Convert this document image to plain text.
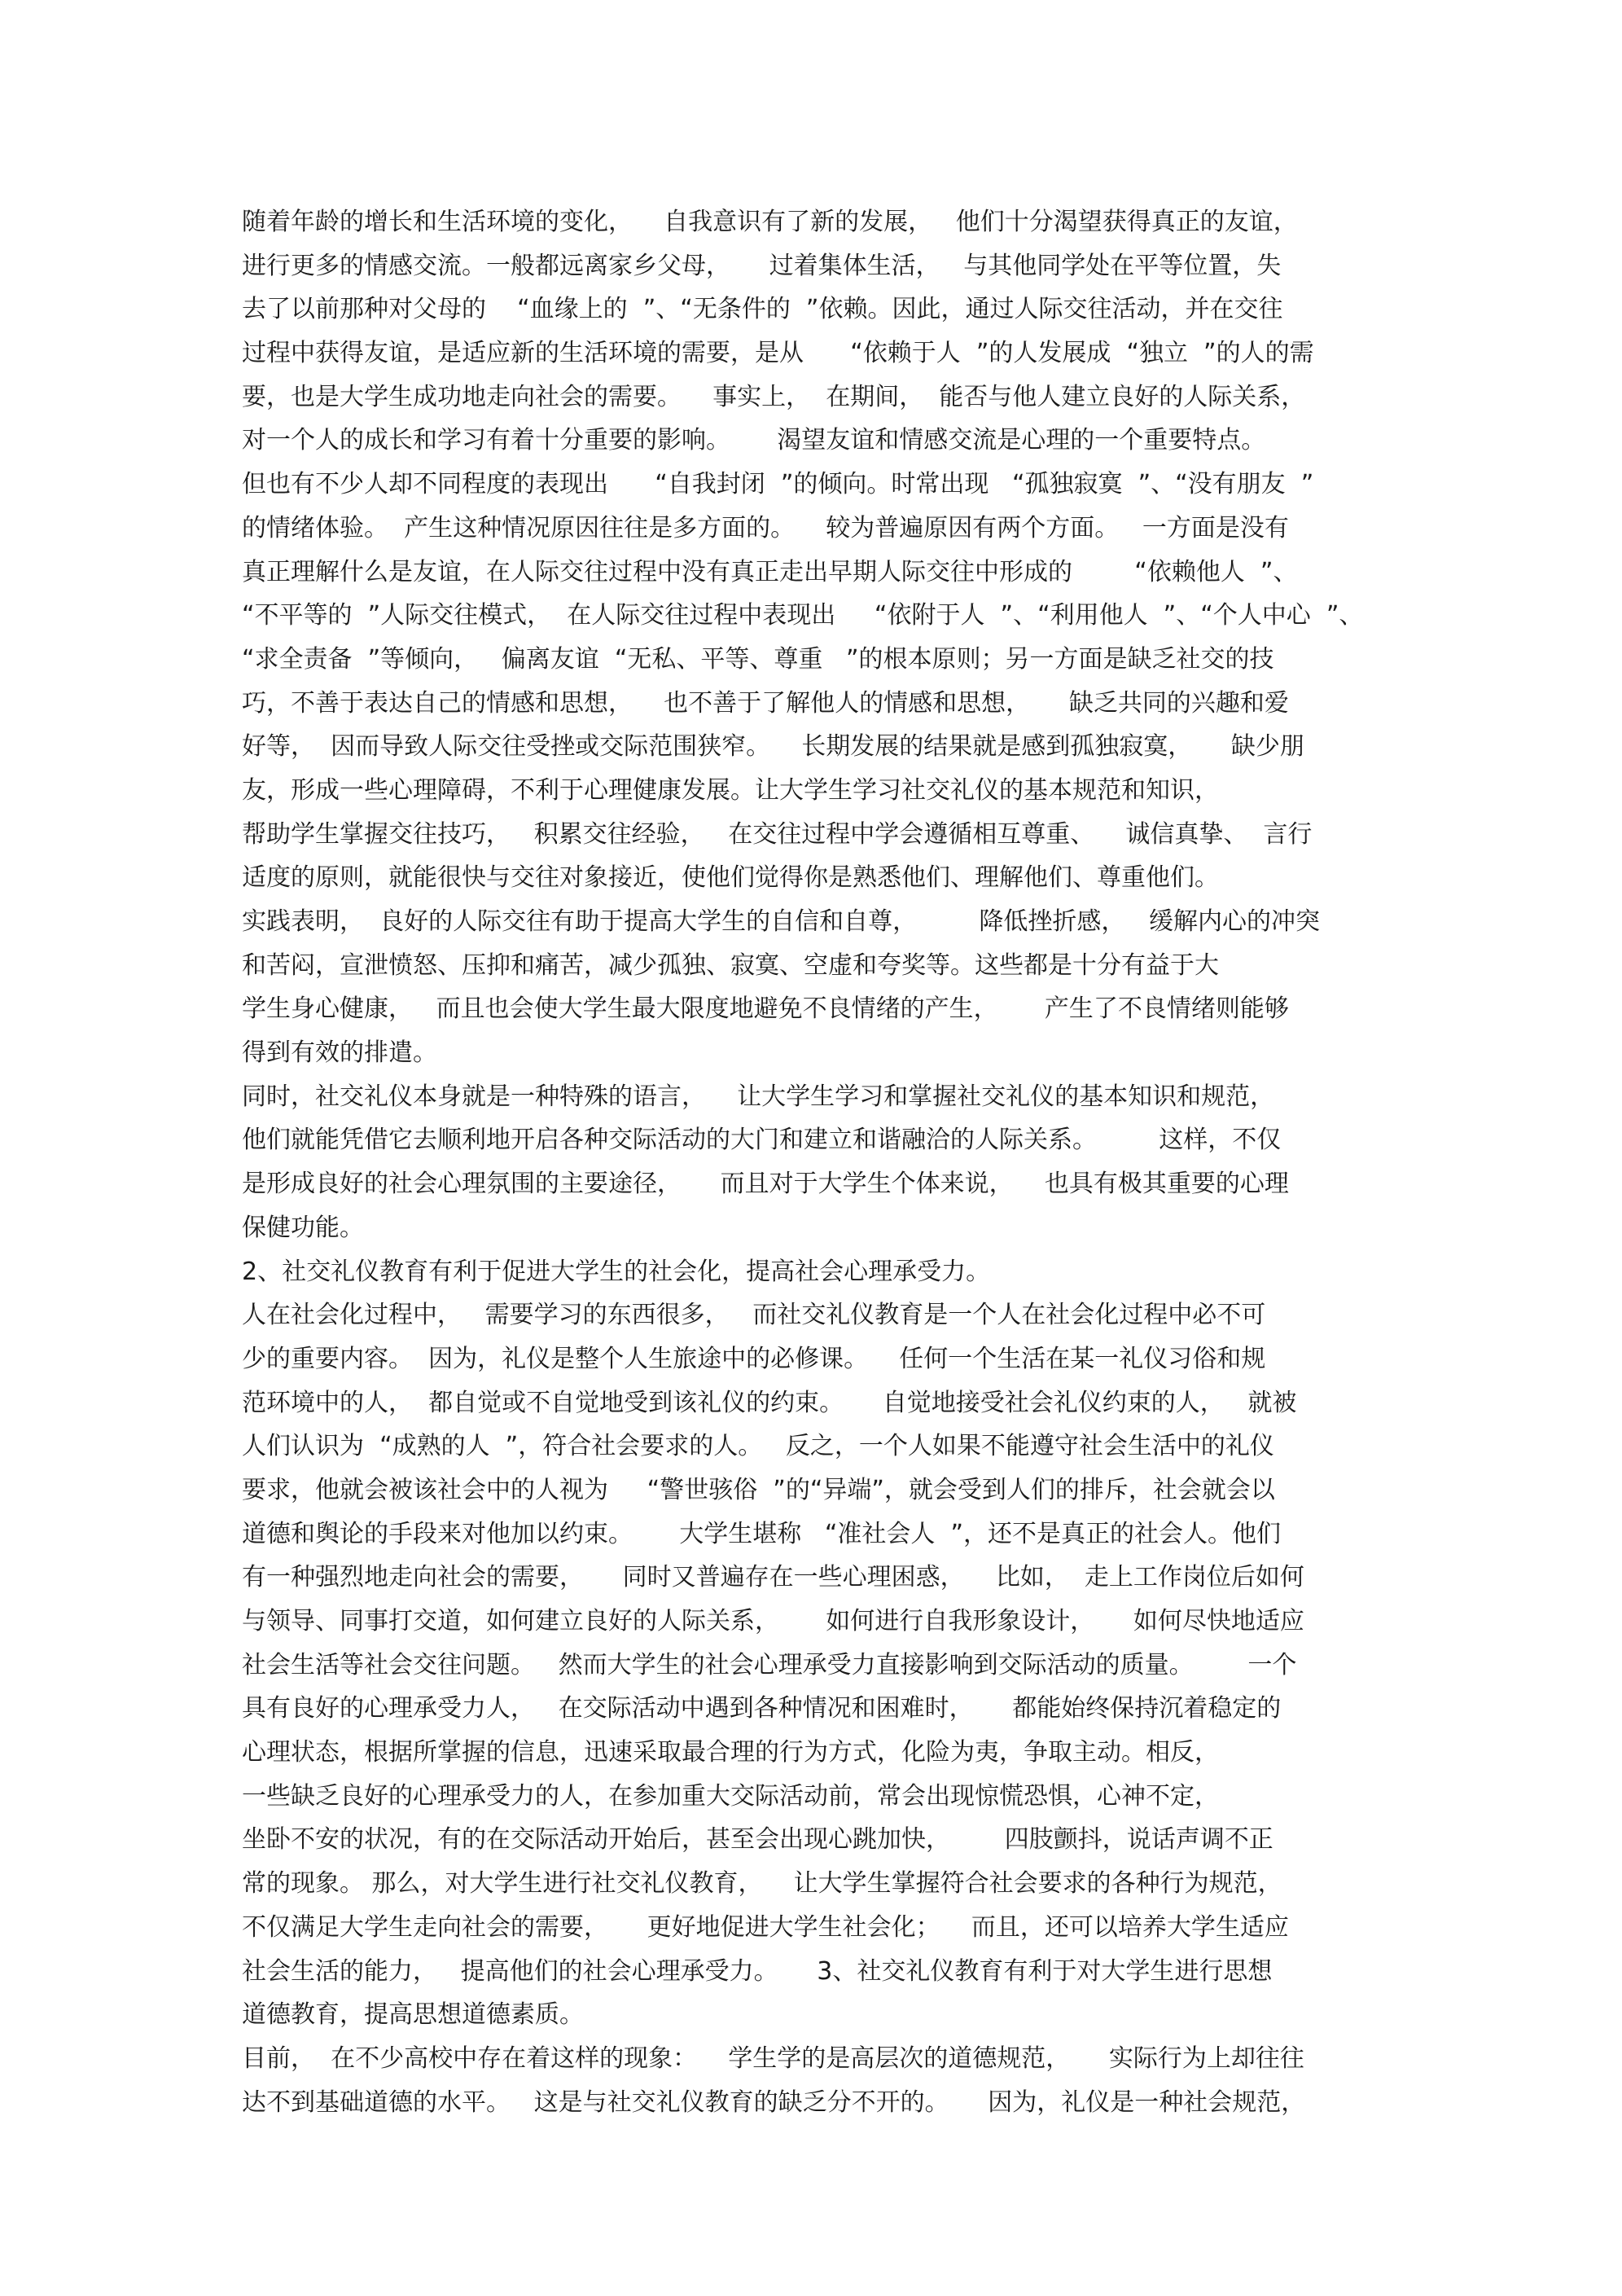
随着年龄的增长和生活环境的变化，    自我意识有了新的发展，   他们十分渴望获得真正的友谊，
进行更多的情感交流。一般都远离家乡父母，     过着集体生活，   与其他同学处在平等位置，失
去了以前那种对父母的    “血缘上的  ”、“无条件的  ”依赖。因此，通过人际交往活动，并在交往
过程中获得友谊，是适应新的生活环境的需要，是从      “依赖于人  ”的人发展成  “独立  ”的人的需
要，也是大学生成功地走向社会的需要。    事实上，  在期间，  能否与他人建立良好的人际关系，
对一个人的成长和学习有着十分重要的影响。      渴望友谊和情感交流是心理的一个重要特点。
但也有不少人却不同程度的表现出      “自我封闭  ”的倾向。时常出现   “孤独寂寞  ”、“没有朋友  ”
的情绪体验。  产生这种情况原因往往是多方面的。    较为普遍原因有两个方面。   一方面是没有
真正理解什么是友谊，在人际交往过程中没有真正走出早期人际交往中形成的        “依赖他人  ”、
“不平等的  ”人际交往模式，  在人际交往过程中表现出     “依附于人  ”、“利用他人  ”、“个人中心  ”、
“求全责备  ”等倾向，   偏离友谊  “无私、平等、尊重   ”的根本原则；另一方面是缺乏社交的技
巧，不善于表达自己的情感和思想，    也不善于了解他人的情感和思想，     缺乏共同的兴趣和爱
好等，  因而导致人际交往受挫或交际范围狭窄。    长期发展的结果就是感到孤独寂寞，     缺少朋
友，形成一些心理障碍，不利于心理健康发展。让大学生学习社交礼仪的基本规范和知识，
帮助学生掌握交往技巧，   积累交往经验，   在交往过程中学会遵循相互尊重、    诚信真挚、  言行
适度的原则，就能很快与交往对象接近，使他们觉得你是熟悉他们、理解他们、尊重他们。
实践表明，  良好的人际交往有助于提高大学生的自信和自尊，        降低挫折感，   缓解内心的冲突
和苦闷，宣泄愤怒、压抑和痛苦，减少孤独、寂寞、空虚和夸奖等。这些都是十分有益于大
学生身心健康，   而且也会使大学生最大限度地避免不良情绪的产生，      产生了不良情绪则能够
得到有效的排遣。
同时，社交礼仪本身就是一种特殊的语言，    让大学生学习和掌握社交礼仪的基本知识和规范，
他们就能凭借它去顺利地开启各种交际活动的大门和建立和谐融洽的人际关系。        这样，不仅
是形成良好的社会心理氛围的主要途径，     而且对于大学生个体来说，    也具有极其重要的心理
保健功能。
2、社交礼仪教育有利于促进大学生的社会化，提高社会心理承受力。
人在社会化过程中，   需要学习的东西很多，   而社交礼仪教育是一个人在社会化过程中必不可
少的重要内容。  因为，礼仪是整个人生旅途中的必修课。    任何一个生活在某一礼仪习俗和规
范环境中的人，  都自觉或不自觉地受到该礼仪的约束。     自觉地接受社会礼仪约束的人，   就被
人们认识为  “成熟的人  ”，符合社会要求的人。   反之，一个人如果不能遵守社会生活中的礼仪
要求，他就会被该社会中的人视为     “警世骇俗  ”的“异端”，就会受到人们的排斥，社会就会以
道德和舆论的手段来对他加以约束。      大学生堪称   “准社会人  ”，还不是真正的社会人。他们
有一种强烈地走向社会的需要，     同时又普遍存在一些心理困惑，    比如，  走上工作岗位后如何
与领导、同事打交道，如何建立良好的人际关系，      如何进行自我形象设计，     如何尽快地适应
社会生活等社会交往问题。   然而大学生的社会心理承受力直接影响到交际活动的质量。       一个
具有良好的心理承受力人，   在交际活动中遇到各种情况和困难时，     都能始终保持沉着稳定的
心理状态，根据所掌握的信息，迅速采取最合理的行为方式，化险为夷，争取主动。相反，
一些缺乏良好的心理承受力的人，在参加重大交际活动前，常会出现惊慌恐惧，心神不定，
坐卧不安的状况，有的在交际活动开始后，甚至会出现心跳加快，       四肢颤抖，说话声调不正
常的现象。 那么，对大学生进行社交礼仪教育，    让大学生掌握符合社会要求的各种行为规范，
不仅满足大学生走向社会的需要，     更好地促进大学生社会化；    而且，还可以培养大学生适应
社会生活的能力，   提高他们的社会心理承受力。     3、社交礼仪教育有利于对大学生进行思想
道德教育，提高思想道德素质。
目前，  在不少高校中存在着这样的现象：    学生学的是高层次的道德规范，     实际行为上却往往
达不到基础道德的水平。   这是与社交礼仪教育的缺乏分不开的。     因为，礼仪是一种社会规范，
